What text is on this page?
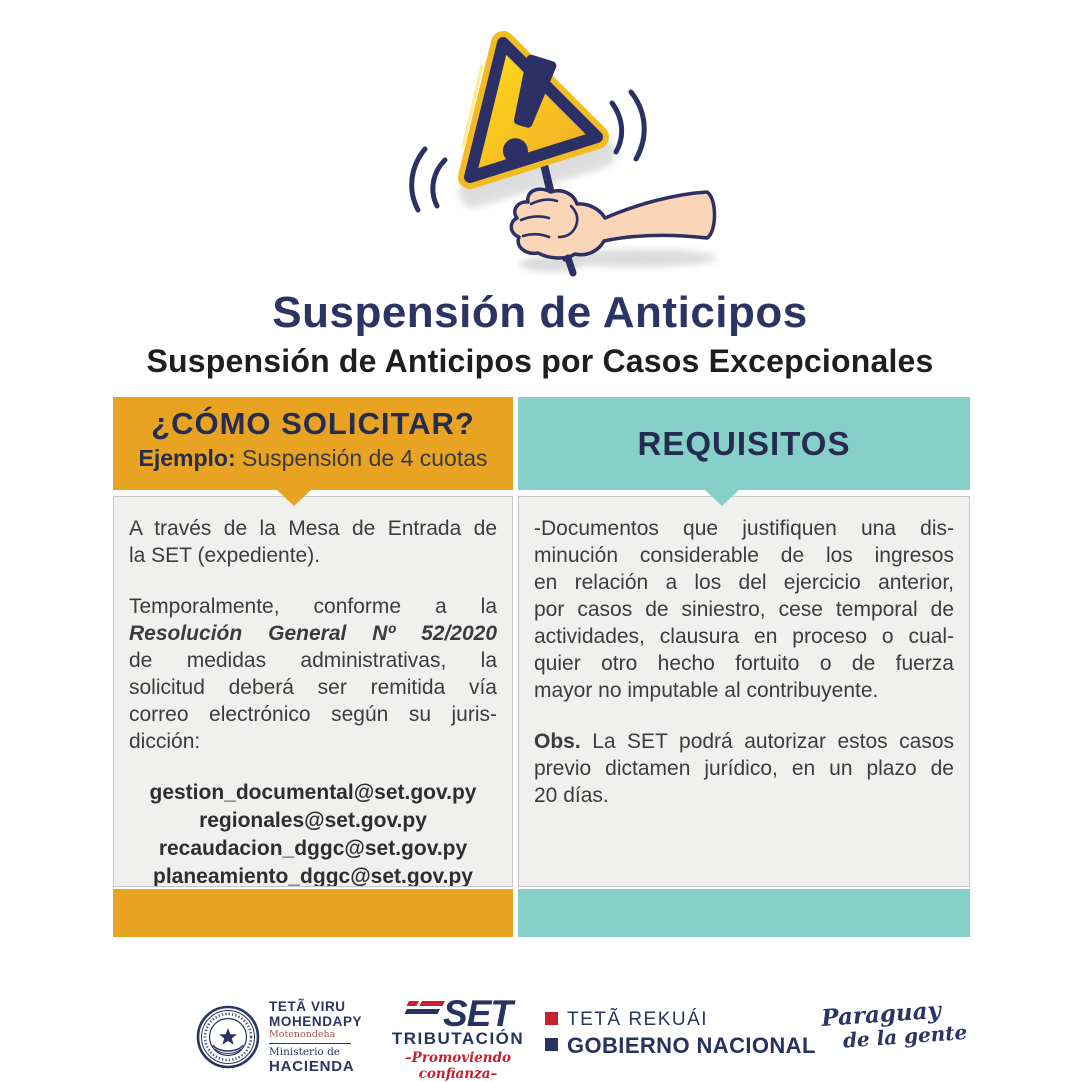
Suspensión de Anticipos
Suspensión de Anticipos por Casos Excepcionales
¿CÓMO SOLICITAR?
Ejemplo: Suspensión de 4 cuotas
A través de la Mesa de Entrada de
la SET (expediente).
Temporalmente, conforme a la
Resolución General Nº 52/2020
de medidas administrativas, la
solicitud deberá ser remitida vía
correo electrónico según su juris-
dicción:
gestion_documental@set.gov.py
regionales@set.gov.py
recaudacion_dggc@set.gov.py
planeamiento_dggc@set.gov.py
REQUISITOS
-Documentos que justifiquen una dis-
minución considerable de los ingresos
en relación a los del ejercicio anterior,
por casos de siniestro, cese temporal de
actividades, clausura en proceso o cual-
quier otro hecho fortuito o de fuerza
mayor no imputable al contribuyente.
Obs. La SET podrá autorizar estos casos
previo dictamen jurídico, en un plazo de
20 días.
TETÃ VIRU
MOHENDAPY
Motenondeha
Ministerio de
HACIENDA
SET
TRIBUTACIÓN
–Promoviendo confianza–
TETÃ REKUÁI
GOBIERNO NACIONAL
Paraguay
de la gente
